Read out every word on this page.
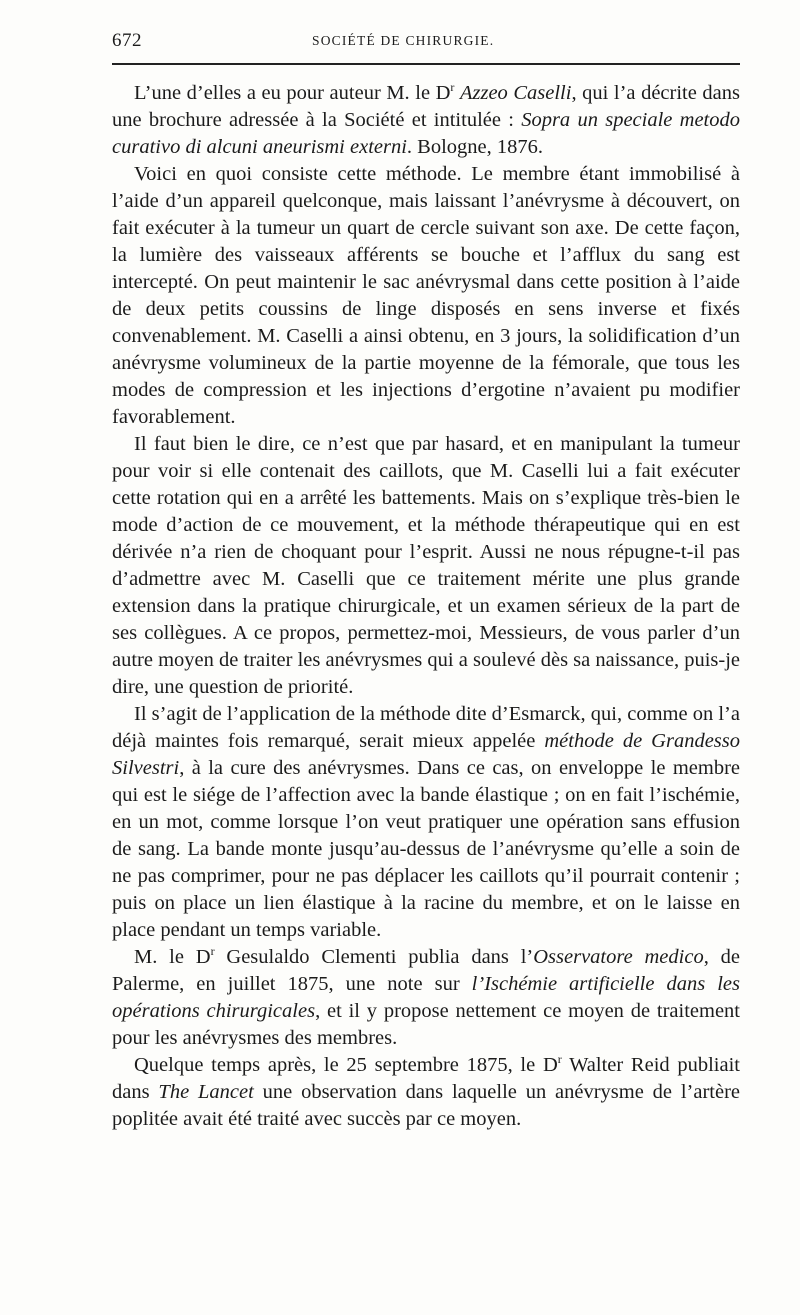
672	SOCIÉTÉ DE CHIRURGIE.

L’une d’elles a eu pour auteur M. le $D^r$ Azzeo Caselli, qui l’a décrite dans une brochure adressée à la Société et intitulée : Sopra un speciale metodo curativo di alcuni aneurismi externi. Bologne, 1876.

Voici en quoi consiste cette méthode. Le membre étant immobilisé à l’aide d’un appareil quelconque, mais laissant l’anévrysme à découvert, on fait exécuter à la tumeur un quart de cercle suivant son axe. De cette façon, la lumière des vaisseaux afférents se bouche et l’afflux du sang est intercepté. On peut maintenir le sac anévrysmal dans cette position à l’aide de deux petits coussins de linge disposés en sens inverse et fixés convenablement. M. Caselli a ainsi obtenu, en 3 jours, la solidification d’un anévrysme volumineux de la partie moyenne de la fémorale, que tous les modes de compression et les injections d’ergotine n’avaient pu modifier favorablement.

Il faut bien le dire, ce n’est que par hasard, et en manipulant la tumeur pour voir si elle contenait des caillots, que M. Caselli lui a fait exécuter cette rotation qui en a arrêté les battements. Mais on s’explique très-bien le mode d’action de ce mouvement, et la méthode thérapeutique qui en est dérivée n’a rien de choquant pour l’esprit. Aussi ne nous répugne-t-il pas d’admettre avec M. Caselli que ce traitement mérite une plus grande extension dans la pratique chirurgicale, et un examen sérieux de la part de ses collègues. A ce propos, permettez-moi, Messieurs, de vous parler d’un autre moyen de traiter les anévrysmes qui a soulevé dès sa naissance, puis-je dire, une question de priorité.

Il s’agit de l’application de la méthode dite d’Esmarck, qui, comme on l’a déjà maintes fois remarqué, serait mieux appelée méthode de Grandesso Silvestri, à la cure des anévrysmes. Dans ce cas, on enveloppe le membre qui est le siége de l’affection avec la bande élastique ; on en fait l’ischémie, en un mot, comme lorsque l’on veut pratiquer une opération sans effusion de sang. La bande monte jusqu’au-dessus de l’anévrysme qu’elle a soin de ne pas comprimer, pour ne pas déplacer les caillots qu’il pourrait contenir ; puis on place un lien élastique à la racine du membre, et on le laisse en place pendant un temps variable.

M. le $D^r$ Gesulaldo Clementi publia dans l’Osservatore medico, de Palerme, en juillet 1875, une note sur l’Ischémie artificielle dans les opérations chirurgicales, et il y propose nettement ce moyen de traitement pour les anévrysmes des membres.

Quelque temps après, le 25 septembre 1875, le $D^r$ Walter Reid publiait dans The Lancet une observation dans laquelle un anévrysme de l’artère poplitée avait été traité avec succès par ce moyen.
